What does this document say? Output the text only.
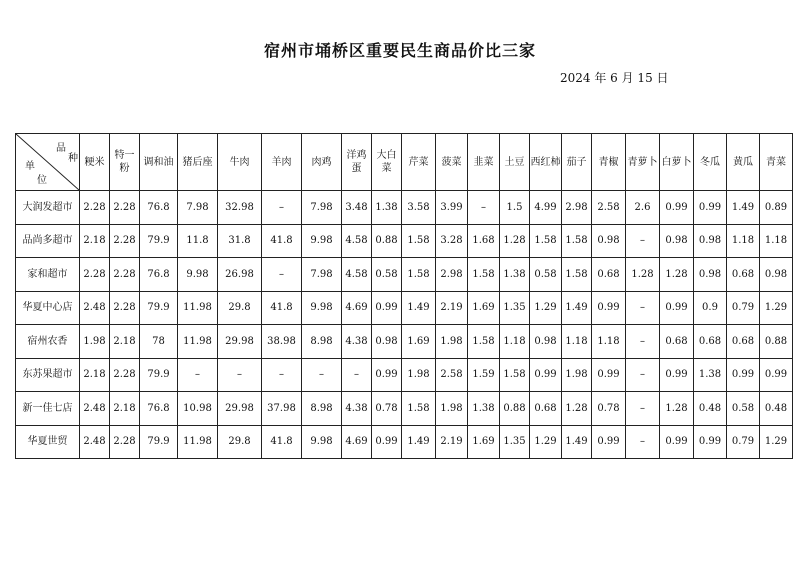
宿州市埇桥区重要民生商品价比三家
2024 年 6 月 15 日
品
种
单
位	粳米	特一粉	调和油	猪后座	牛肉	羊肉	肉鸡	洋鸡蛋	大白菜	芹菜	菠菜	韭菜	土豆	西红柿	茄子	青椒	青萝卜	白萝卜	冬瓜	黄瓜	青菜
大润发超市	2.28	2.28	76.8	7.98	32.98	–	7.98	3.48	1.38	3.58	3.99	–	1.5	4.99	2.98	2.58	2.6	0.99	0.99	1.49	0.89
品尚多超市	2.18	2.28	79.9	11.8	31.8	41.8	9.98	4.58	0.88	1.58	3.28	1.68	1.28	1.58	1.58	0.98	–	0.98	0.98	1.18	1.18
家和超市	2.28	2.28	76.8	9.98	26.98	–	7.98	4.58	0.58	1.58	2.98	1.58	1.38	0.58	1.58	0.68	1.28	1.28	0.98	0.68	0.98
华夏中心店	2.48	2.28	79.9	11.98	29.8	41.8	9.98	4.69	0.99	1.49	2.19	1.69	1.35	1.29	1.49	0.99	–	0.99	0.9	0.79	1.29
宿州农香	1.98	2.18	78	11.98	29.98	38.98	8.98	4.38	0.98	1.69	1.98	1.58	1.18	0.98	1.18	1.18	–	0.68	0.68	0.68	0.88
东苏果超市	2.18	2.28	79.9	–	–	–	–	–	0.99	1.98	2.58	1.59	1.58	0.99	1.98	0.99	–	0.99	1.38	0.99	0.99
新一佳七店	2.48	2.18	76.8	10.98	29.98	37.98	8.98	4.38	0.78	1.58	1.98	1.38	0.88	0.68	1.28	0.78	–	1.28	0.48	0.58	0.48
华夏世贸	2.48	2.28	79.9	11.98	29.8	41.8	9.98	4.69	0.99	1.49	2.19	1.69	1.35	1.29	1.49	0.99	–	0.99	0.99	0.79	1.29
